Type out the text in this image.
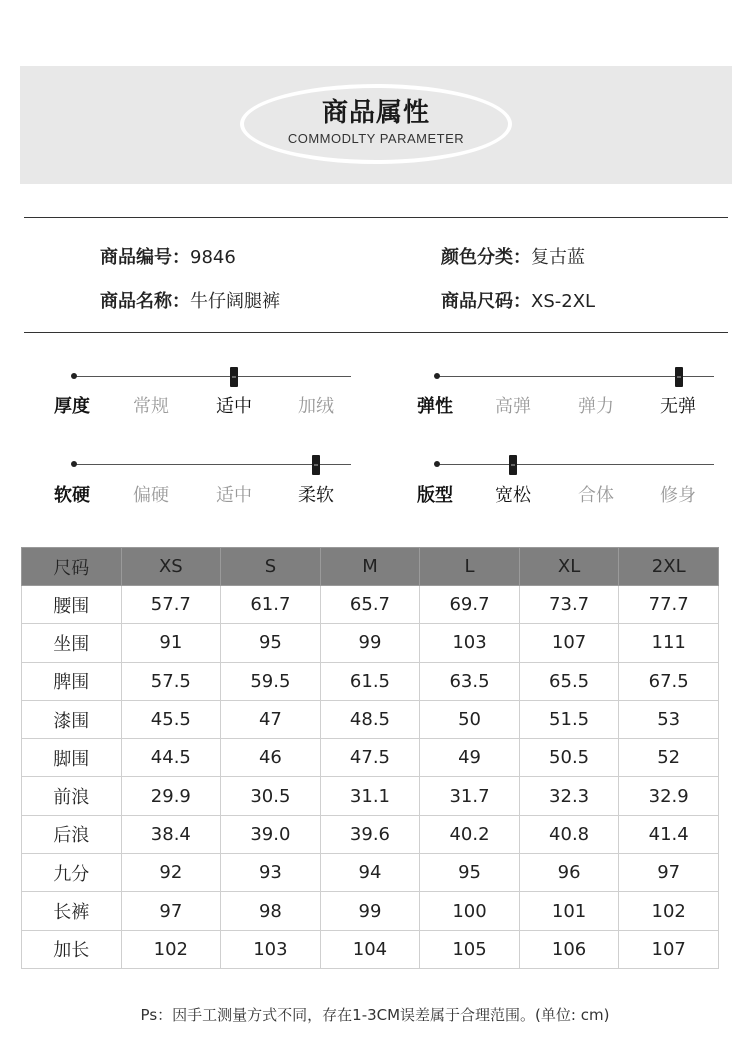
商品属性
COMMODLTY PARAMETER
商品编号：9846	颜色分类：复古蓝
商品名称：牛仔阔腿裤	商品尺码：XS-2XL
厚度	常规	适中	加绒	弹性	高弹	弹力	无弹
软硬	偏硬	适中	柔软	版型	宽松	合体	修身
尺码	XS	S	M	L	XL	2XL
腰围	57.7	61.7	65.7	69.7	73.7	77.7
坐围	91	95	99	103	107	111
脾围	57.5	59.5	61.5	63.5	65.5	67.5
漆围	45.5	47	48.5	50	51.5	53
脚围	44.5	46	47.5	49	50.5	52
前浪	29.9	30.5	31.1	31.7	32.3	32.9
后浪	38.4	39.0	39.6	40.2	40.8	41.4
九分	92	93	94	95	96	97
长裤	97	98	99	100	101	102
加长	102	103	104	105	106	107
Ps：因手工测量方式不同，存在1-3CM误差属于合理范围。(单位: cm)
